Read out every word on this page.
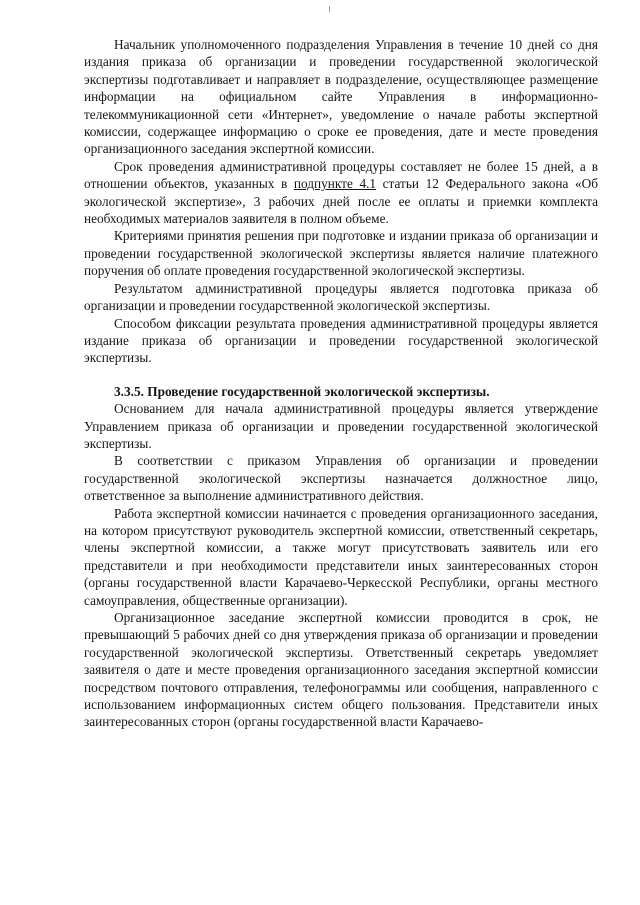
Начальник уполномоченного подразделения Управления в течение 10 дней со дня издания приказа об организации и проведении государственной экологической экспертизы подготавливает и направляет в подразделение, осуществляющее размещение информации на официальном сайте Управления в информационно-телекоммуникационной сети «Интернет», уведомление о начале работы экспертной комиссии, содержащее информацию о сроке ее проведения, дате и месте проведения организационного заседания экспертной комиссии.

Срок проведения административной процедуры составляет не более 15 дней, а в отношении объектов, указанных в подпункте 4.1 статьи 12 Федерального закона «Об экологической экспертизе», 3 рабочих дней после ее оплаты и приемки комплекта необходимых материалов заявителя в полном объеме.

Критериями принятия решения при подготовке и издании приказа об организации и проведении государственной экологической экспертизы является наличие платежного поручения об оплате проведения государственной экологической экспертизы.

Результатом административной процедуры является подготовка приказа об организации и проведении государственной экологической экспертизы.

Способом фиксации результата проведения административной процедуры является издание приказа об организации и проведении государственной экологической экспертизы.

3.3.5. Проведение государственной экологической экспертизы.

Основанием для начала административной процедуры является утверждение Управлением приказа об организации и проведении государственной экологической экспертизы.

В соответствии с приказом Управления об организации и проведении государственной экологической экспертизы назначается должностное лицо, ответственное за выполнение административного действия.

Работа экспертной комиссии начинается с проведения организационного заседания, на котором присутствуют руководитель экспертной комиссии, ответственный секретарь, члены экспертной комиссии, а также могут присутствовать заявитель или его представители и при необходимости представители иных заинтересованных сторон (органы государственной власти Карачаево-Черкесской Республики, органы местного самоуправления, общественные организации).

Организационное заседание экспертной комиссии проводится в срок, не превышающий 5 рабочих дней со дня утверждения приказа об организации и проведении государственной экологической экспертизы. Ответственный секретарь уведомляет заявителя о дате и месте проведения организационного заседания экспертной комиссии посредством почтового отправления, телефонограммы или сообщения, направленного с использованием информационных систем общего пользования. Представители иных заинтересованных сторон (органы государственной власти Карачаево-
